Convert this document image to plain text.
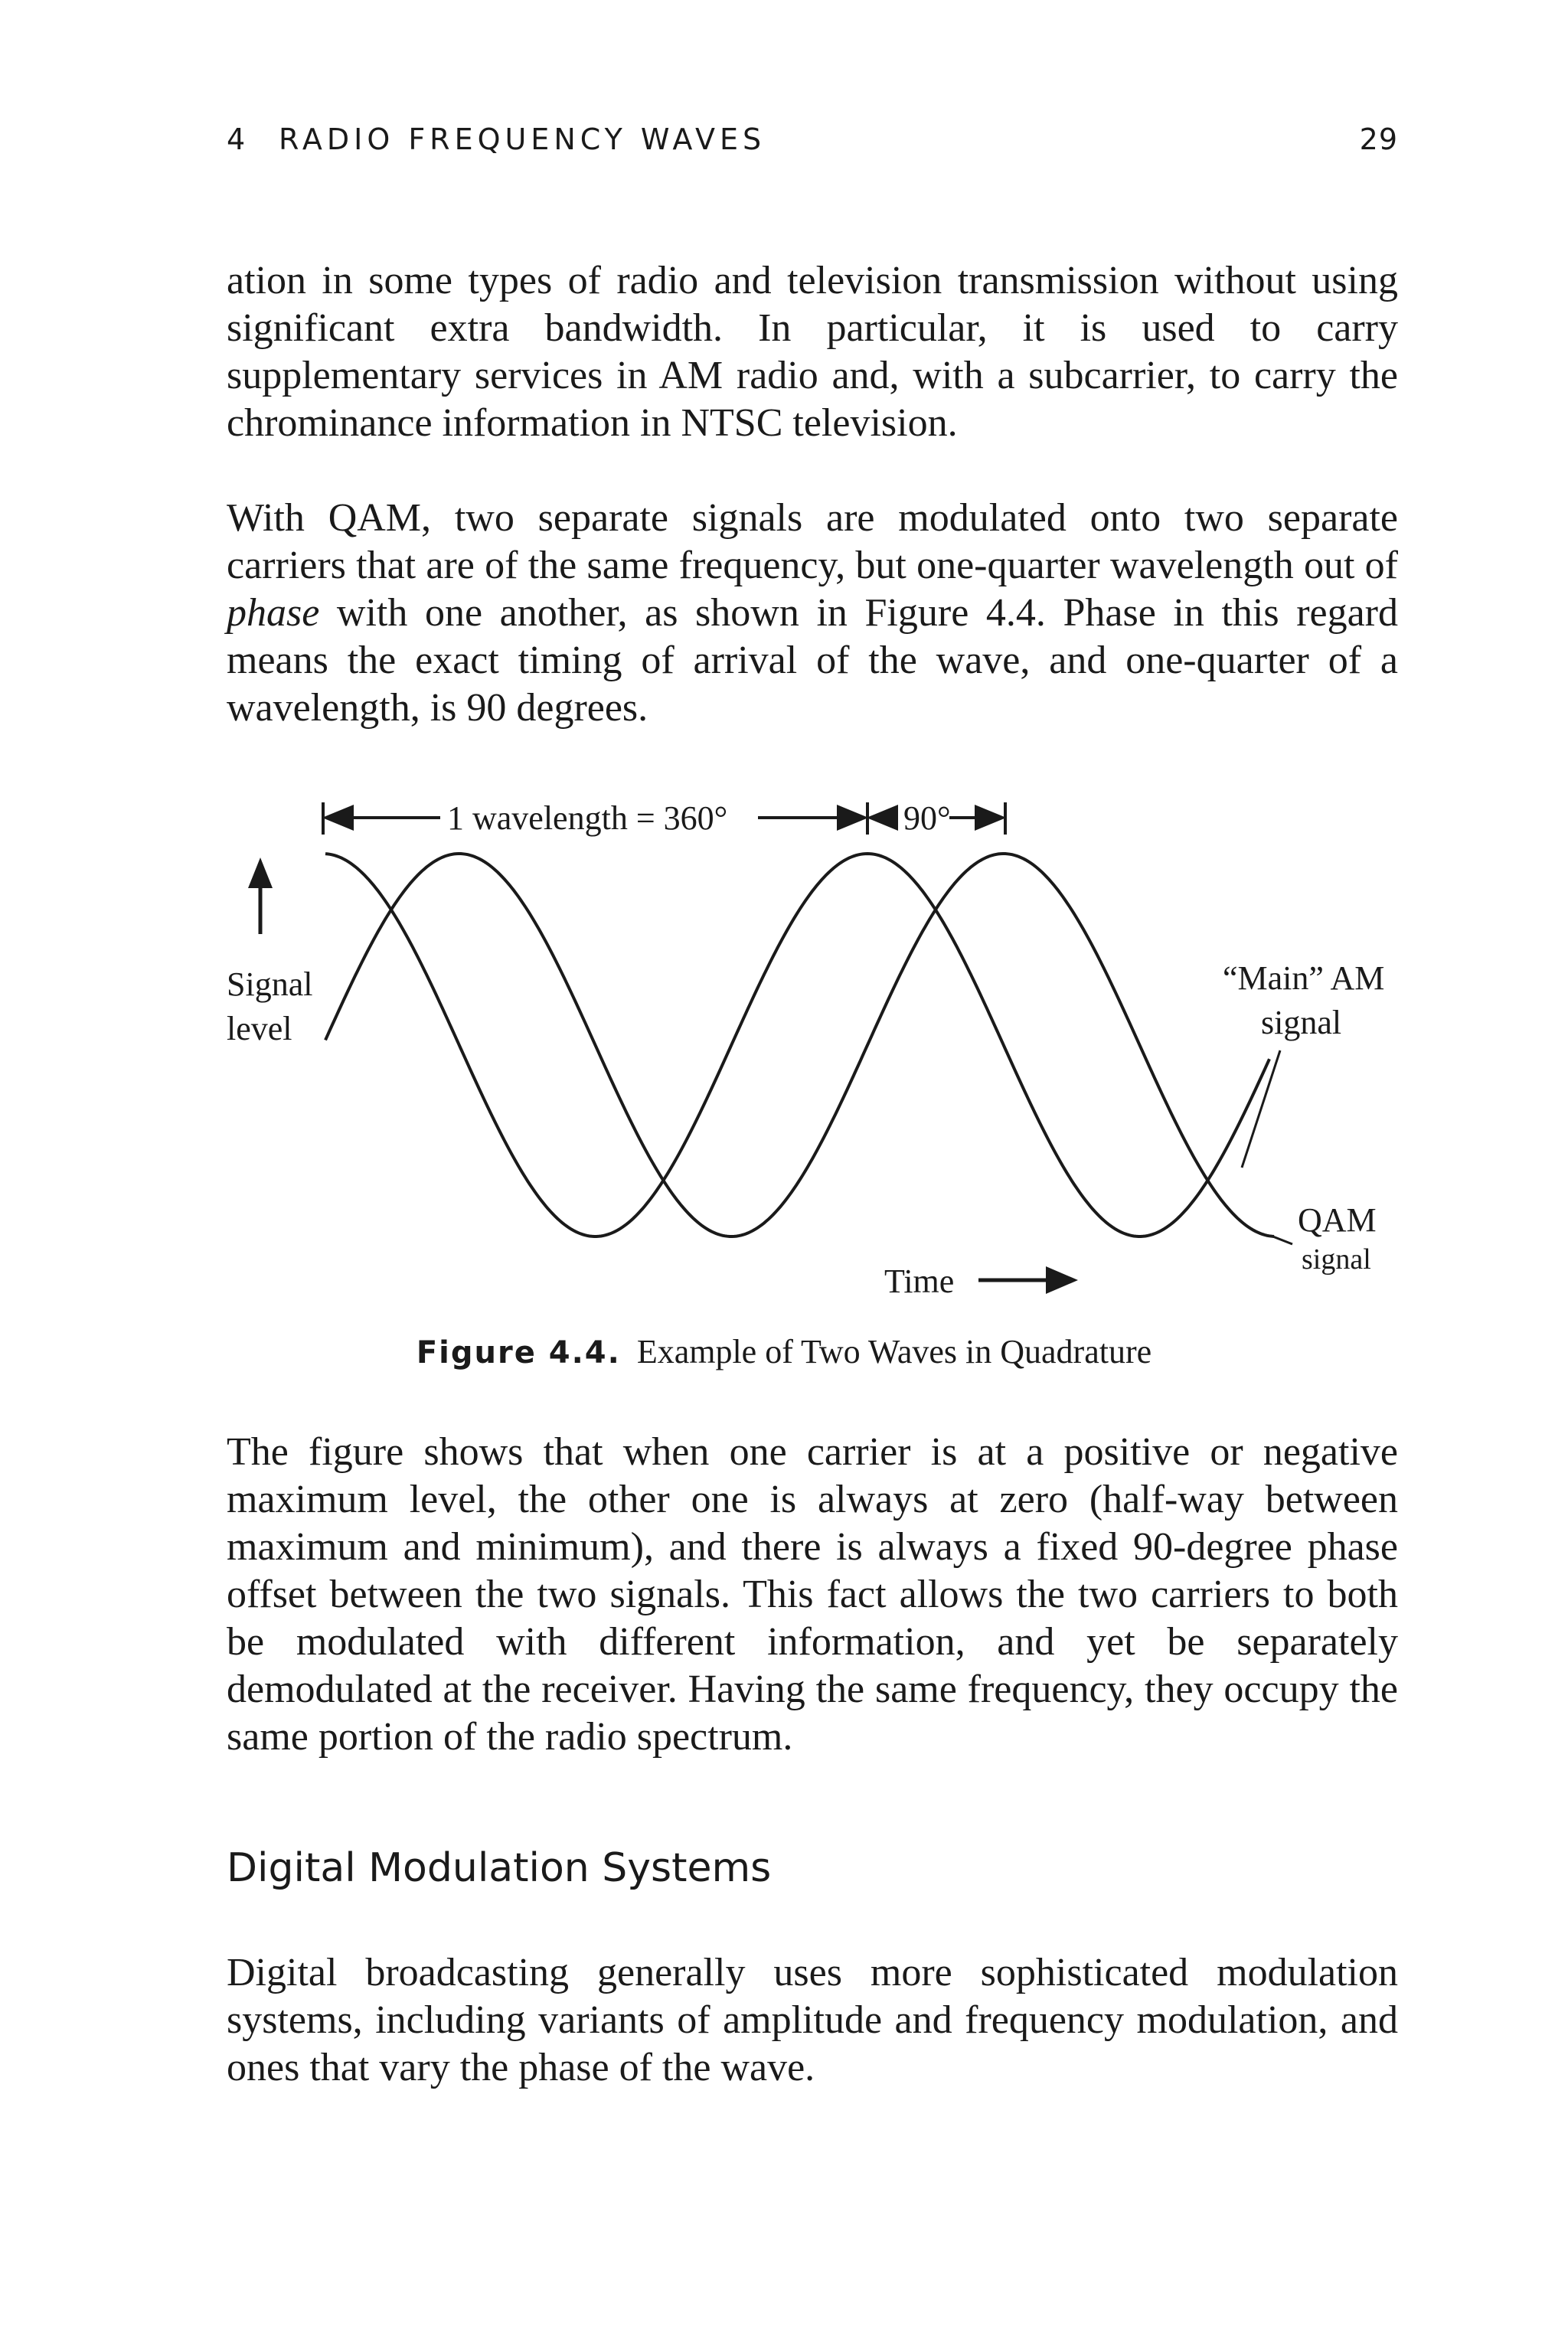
4 RADIO FREQUENCY WAVES	29

ation in some types of radio and television transmission without using significant extra bandwidth. In particular, it is used to carry supplementary services in AM radio and, with a subcarrier, to carry the chrominance information in NTSC television.

With QAM, two separate signals are modulated onto two separate carriers that are of the same frequency, but one-quarter wavelength out of phase with one another, as shown in Figure 4.4. Phase in this regard means the exact timing of arrival of the wave, and one-quarter of a wavelength, is 90 degrees.

1 wavelength = 360°	90°
Signal
level
Time
“Main” AM
signal
QAM
signal
Figure 4.4. Example of Two Waves in Quadrature

The figure shows that when one carrier is at a positive or negative maximum level, the other one is always at zero (half-way between maximum and minimum), and there is always a fixed 90-degree phase offset between the two signals. This fact allows the two carriers to both be modulated with different information, and yet be separately demodulated at the receiver. Having the same frequency, they occupy the same portion of the radio spectrum.

Digital Modulation Systems

Digital broadcasting generally uses more sophisticated modulation systems, including variants of amplitude and frequency modulation, and ones that vary the phase of the wave.
